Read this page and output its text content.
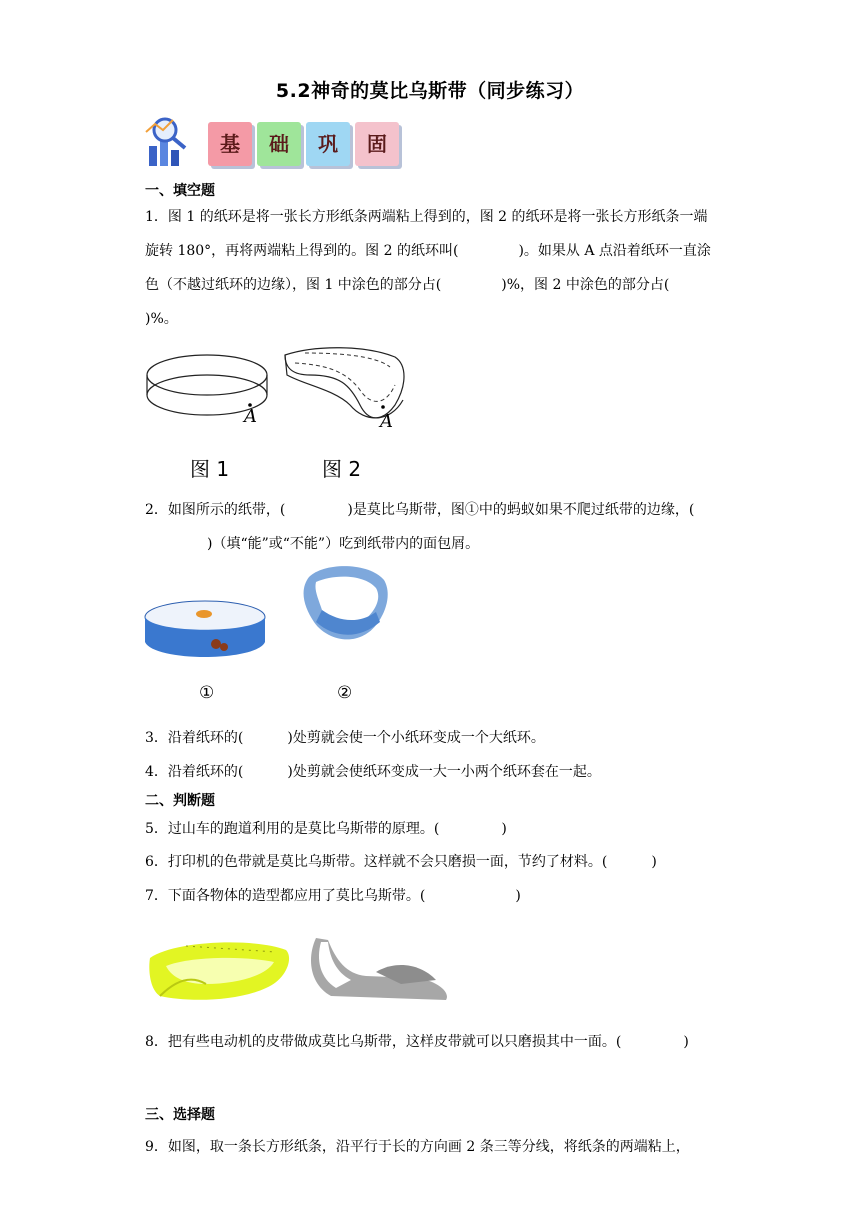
5.2神奇的莫比乌斯带（同步练习）
基	础	巩	固
一、填空题
1．图 1 的纸环是将一张长方形纸条两端粘上得到的，图 2 的纸环是将一张长方形纸条一端旋转 180°，再将两端粘上得到的。图 2 的纸环叫(	)。如果从 A 点沿着纸环一直涂色（不越过纸环的边缘），图 1 中涂色的部分占(	)%，图 2 中涂色的部分占()%。
A	A
图 1	图 2
2．如图所示的纸带，(	)是莫比乌斯带，图①中的蚂蚁如果不爬过纸带的边缘，()（填“能”或“不能”）吃到纸带内的面包屑。
①	②
3．沿着纸环的(	)处剪就会使一个小纸环变成一个大纸环。
4．沿着纸环的(	)处剪就会使纸环变成一大一小两个纸环套在一起。
二、判断题
5．过山车的跑道利用的是莫比乌斯带的原理。(	)
6．打印机的色带就是莫比乌斯带。这样就不会只磨损一面，节约了材料。(	)
7．下面各物体的造型都应用了莫比乌斯带。(	)
8．把有些电动机的皮带做成莫比乌斯带，这样皮带就可以只磨损其中一面。(	)
三、选择题
9．如图，取一条长方形纸条，沿平行于长的方向画 2 条三等分线，将纸条的两端粘上，
